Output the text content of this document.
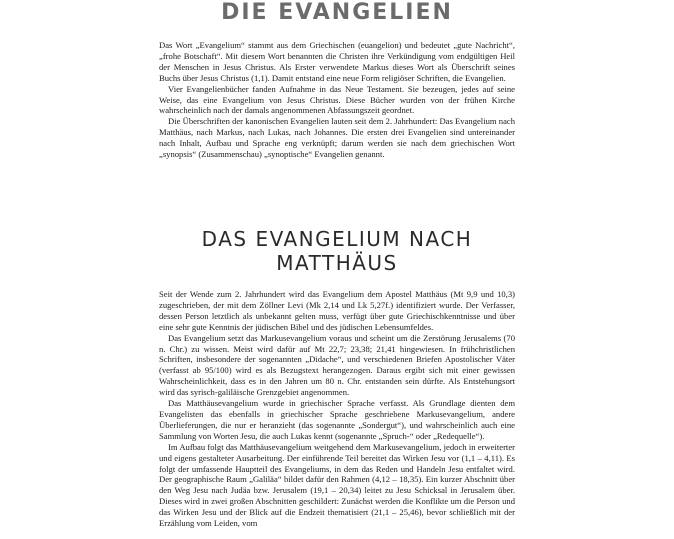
DIE EVANGELIEN

Das Wort „Evangelium“ stammt aus dem Griechischen (euangelion) und bedeutet „gute Nachricht“, „frohe Botschaft“. Mit diesem Wort benannten die Christen ihre Verkündigung vom endgültigen Heil der Menschen in Jesus Christus. Als Erster verwendete Markus dieses Wort als Überschrift seines Buchs über Jesus Christus (1,1). Damit entstand eine neue Form religiöser Schriften, die Evangelien.

Vier Evangelienbücher fanden Aufnahme in das Neue Testament. Sie bezeugen, jedes auf seine Weise, das eine Evangelium von Jesus Christus. Diese Bücher wurden von der frühen Kirche wahrscheinlich nach der damals angenommenen Abfassungszeit geordnet.

Die Überschriften der kanonischen Evangelien lauten seit dem 2. Jahrhundert: Das Evangelium nach Matthäus, nach Markus, nach Lukas, nach Johannes. Die ersten drei Evangelien sind untereinander nach Inhalt, Aufbau und Sprache eng verknüpft; darum werden sie nach dem griechischen Wort „synopsis“ (Zusammenschau) „synoptische“ Evangelien genannt.

DAS EVANGELIUM NACH
MATTHÄUS

Seit der Wende zum 2. Jahrhundert wird das Evangelium dem Apostel Matthäus (Mt 9,9 und 10,3) zugeschrieben, der mit dem Zöllner Levi (Mk 2,14 und Lk 5,27f.) identifiziert wurde. Der Verfasser, dessen Person letztlich als unbekannt gelten muss, verfügt über gute Griechischkenntnisse und über eine sehr gute Kenntnis der jüdischen Bibel und des jüdischen Lebensumfeldes.

Das Evangelium setzt das Markusevangelium voraus und scheint um die Zerstörung Jerusalems (70 n. Chr.) zu wissen. Meist wird dafür auf Mt 22,7; 23,38; 21,41 hingewiesen. In frühchristlichen Schriften, insbesondere der sogenannten „Didache“, und verschiedenen Briefen Apostolischer Väter (verfasst ab 95/100) wird es als Bezugstext herangezogen. Daraus ergibt sich mit einer gewissen Wahrscheinlichkeit, dass es in den Jahren um 80 n. Chr. entstanden sein dürfte. Als Entstehungsort wird das syrisch-galiläische Grenzgebiet angenommen.

Das Matthäusevangelium wurde in griechischer Sprache verfasst. Als Grundlage dienten dem Evangelisten das ebenfalls in griechischer Sprache geschriebene Markusevangelium, andere Überlieferungen, die nur er heranzieht (das sogenannte „Sondergut“), und wahrscheinlich auch eine Sammlung von Worten Jesu, die auch Lukas kennt (sogenannte „Spruch-“ oder „Redequelle“).

Im Aufbau folgt das Matthäusevangelium weitgehend dem Markusevangelium, jedoch in erweiterter und eigens gestalteter Ausarbeitung. Der einführende Teil bereitet das Wirken Jesu vor (1,1 – 4,11). Es folgt der umfassende Hauptteil des Evangeliums, in dem das Reden und Handeln Jesu entfaltet wird. Der geographische Raum „Galiläa“ bildet dafür den Rahmen (4,12 – 18,35). Ein kurzer Abschnitt über den Weg Jesu nach Judäa bzw. Jerusalem (19,1 – 20,34) leitet zu Jesu Schicksal in Jerusalem über. Dieses wird in zwei großen Abschnitten geschildert: Zunächst werden die Konflikte um die Person und das Wirken Jesu und der Blick auf die Endzeit thematisiert (21,1 – 25,46), bevor schließlich mit der Erzählung vom Leiden, vom
